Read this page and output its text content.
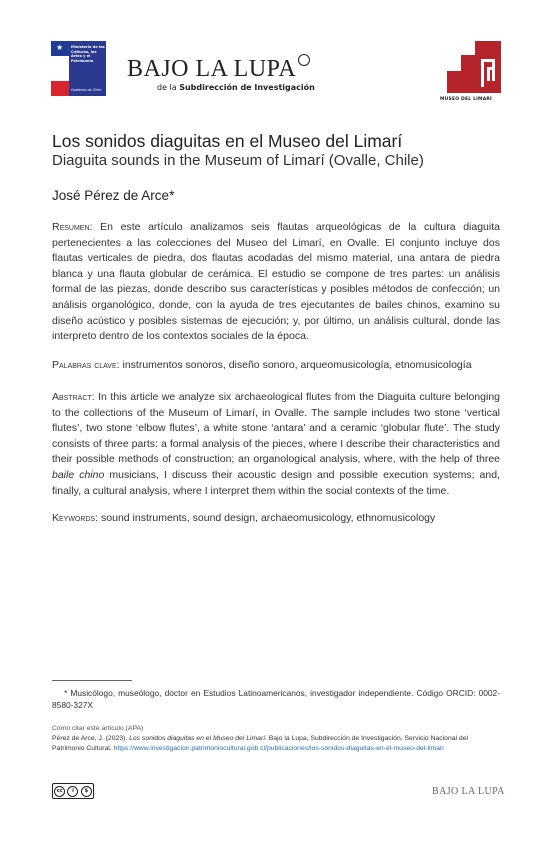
★ Ministerio de las Culturas, las Artes y el Patrimonio
Gobierno de Chile
BAJO LA LUPA
de la Subdirección de Investigación
MUSEO DEL LIMARÍ
Los sonidos diaguitas en el Museo del Limarí
Diaguita sounds in the Museum of Limarí (Ovalle, Chile)
José Pérez de Arce*
Resumen: En este artículo analizamos seis flautas arqueológicas de la cultura diaguita pertenecientes a las colecciones del Museo del Limarí, en Ovalle. El conjunto incluye dos flautas verticales de piedra, dos flautas acodadas del mismo material, una antara de piedra blanca y una flauta globular de cerámica. El estudio se compone de tres partes: un análisis formal de las piezas, donde describo sus características y posibles métodos de confección; un análisis organológico, donde, con la ayuda de tres ejecutantes de bailes chinos, examino su diseño acústico y posibles sistemas de ejecución; y, por último, un análisis cultural, donde las interpreto dentro de los contextos sociales de la época.
Palabras clave: instrumentos sonoros, diseño sonoro, arqueomusicología, etnomusicología
Abstract: In this article we analyze six archaeological flutes from the Diaguita culture belonging to the collections of the Museum of Limarí, in Ovalle. The sample includes two stone ‘vertical flutes’, two stone ‘elbow flutes’, a white stone ‘antara’ and a ceramic ‘globular flute’. The study consists of three parts: a formal analysis of the pieces, where I describe their characteristics and their possible methods of construction; an organological analysis, where, with the help of three baile chino musicians, I discuss their acoustic design and possible execution systems; and, finally, a cultural analysis, where I interpret them within the social contexts of the time.
Keywords: sound instruments, sound design, archaeomusicology, ethnomusicology
* Musicólogo, museólogo, doctor en Estudios Latinoamericanos, investigador independiente. Código ORCID: 0002-8580-327X
Cómo citar este artículo (APA)
Pérez de Arce, J. (2023). Los sonidos diaguitas en el Museo del Limarí. Bajo la Lupa, Subdirección de Investigación, Servicio Nacional del Patrimonio Cultural. https://www.investigacion.patrimoniocultural.gob.cl/publicaciones/los-sonidos-diaguitas-en-el-museo-del-limari
cc	i	$	BAJO LA LUPA
